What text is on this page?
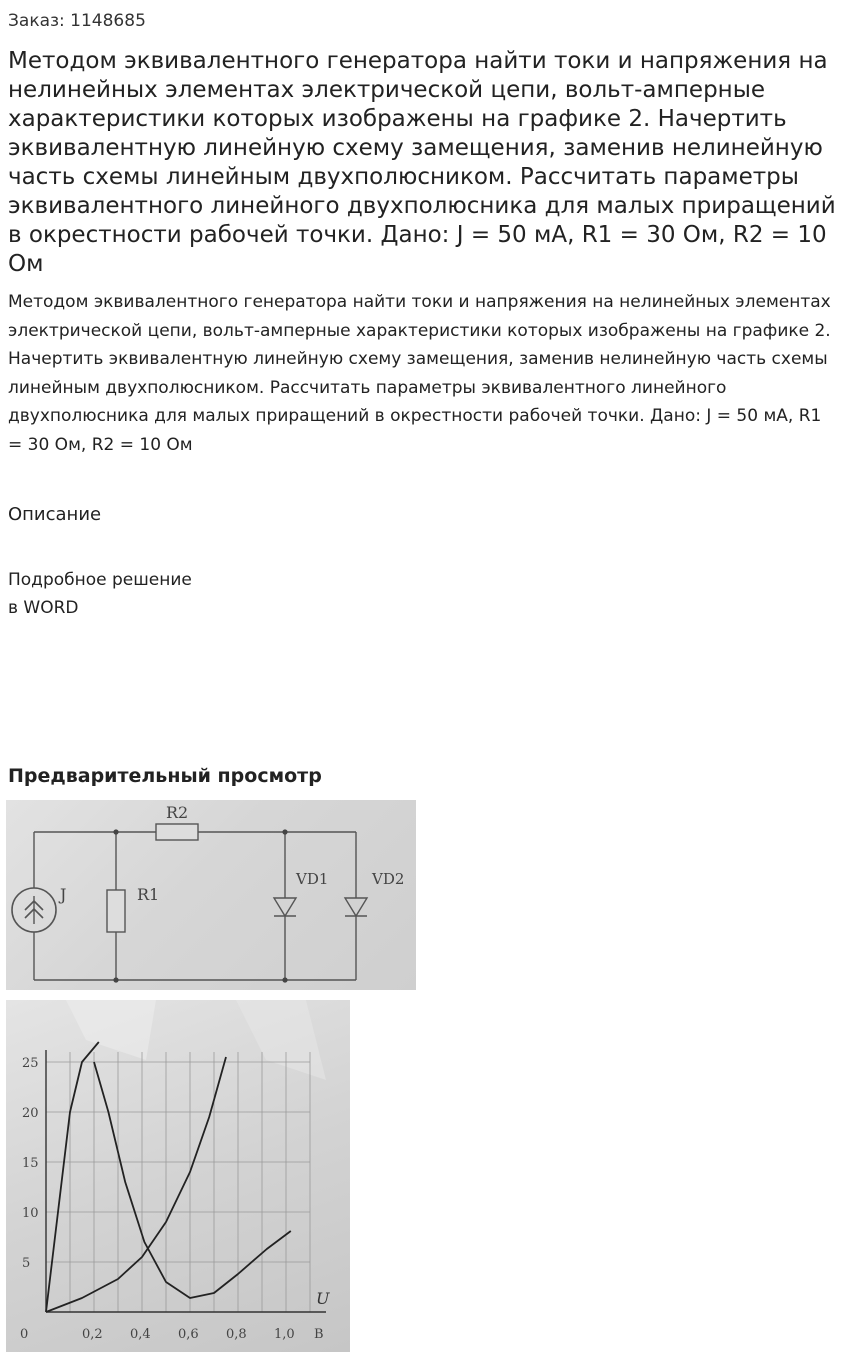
Заказ: 1148685
Методом эквивалентного генератора найти токи и напряжения на нелинейных элементах электрической цепи, вольт-амперные характеристики которых изображены на графике 2. Начертить эквивалентную линейную схему замещения, заменив нелинейную часть схемы линейным двухполюсником. Рассчитать параметры эквивалентного линейного двухполюсника для малых приращений в окрестности рабочей точки. Дано: J = 50 мА, R1 = 30 Ом, R2 = 10 Ом
Методом эквивалентного генератора найти токи и напряжения на нелинейных элементах электрической цепи, вольт-амперные характеристики которых изображены на графике 2. Начертить эквивалентную линейную схему замещения, заменив нелинейную часть схемы линейным двухполюсником. Рассчитать параметры эквивалентного линейного двухполюсника для малых приращений в окрестности рабочей точки. Дано: J = 50 мА, R1 = 30 Ом, R2 = 10 Ом
Описание
Подробное решение
в WORD
Предварительный просмотр
R2
R1
J
VD1	VD2
25
20
15
10
5
0	0,2 0,4 0,6 0,8 1,0 B
U
